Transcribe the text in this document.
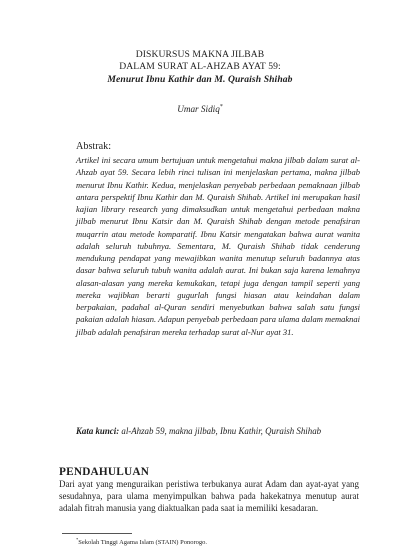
DISKURSUS MAKNA JILBAB
DALAM SURAT AL-AHZAB AYAT 59:
Menurut Ibnu Kathir dan M. Quraish Shihab
Umar Sidiq*
Abstrak:

Artikel ini secara umum bertujuan untuk mengetahui makna jilbab dalam surat al-Ahzab ayat 59. Secara lebih rinci tulisan ini menjelaskan pertama, makna jilbab menurut Ibnu Kathir. Kedua, menjelaskan penyebab perbedaan pemaknaan jilbab antara perspektif Ibnu Kathir dan M. Quraish Shihab. Artikel ini merupakan hasil kajian library research yang dimaksudkan untuk mengetahui perbedaan makna jilbab menurut Ibnu Katsir dan M. Quraish Shihab dengan metode penafsiran muqarrin atau metode komparatif. Ibnu Katsir mengatakan bahwa aurat wanita adalah seluruh tubuhnya. Sementara, M. Quraish Shihab tidak cenderung mendukung pendapat yang mewajibkan wanita menutup seluruh badannya atas dasar bahwa seluruh tubuh wanita adalah aurat. Ini bukan saja karena lemahnya alasan-alasan yang mereka kemukakan, tetapi juga dengan tampil seperti yang mereka wajibkan berarti gugurlah fungsi hiasan atau keindahan dalam berpakaian, padahal al-Quran sendiri menyebutkan bahwa salah satu fungsi pakaian adalah hiasan. Adapun penyebab perbedaan para ulama dalam memaknai jilbab adalah penafsiran mereka terhadap surat al-Nur ayat 31.

Kata kunci: al-Ahzab 59, makna jilbab, Ibnu Kathir, Quraish Shihab
PENDAHULUAN

Dari ayat yang menguraikan peristiwa terbukanya aurat Adam dan ayat-ayat yang sesudahnya, para ulama menyimpulkan bahwa pada hakekatnya menutup aurat adalah fitrah manusia yang diaktualkan pada saat ia memiliki kesadaran.

*Sekolah Tinggi Agama Islam (STAIN) Ponorogo.
